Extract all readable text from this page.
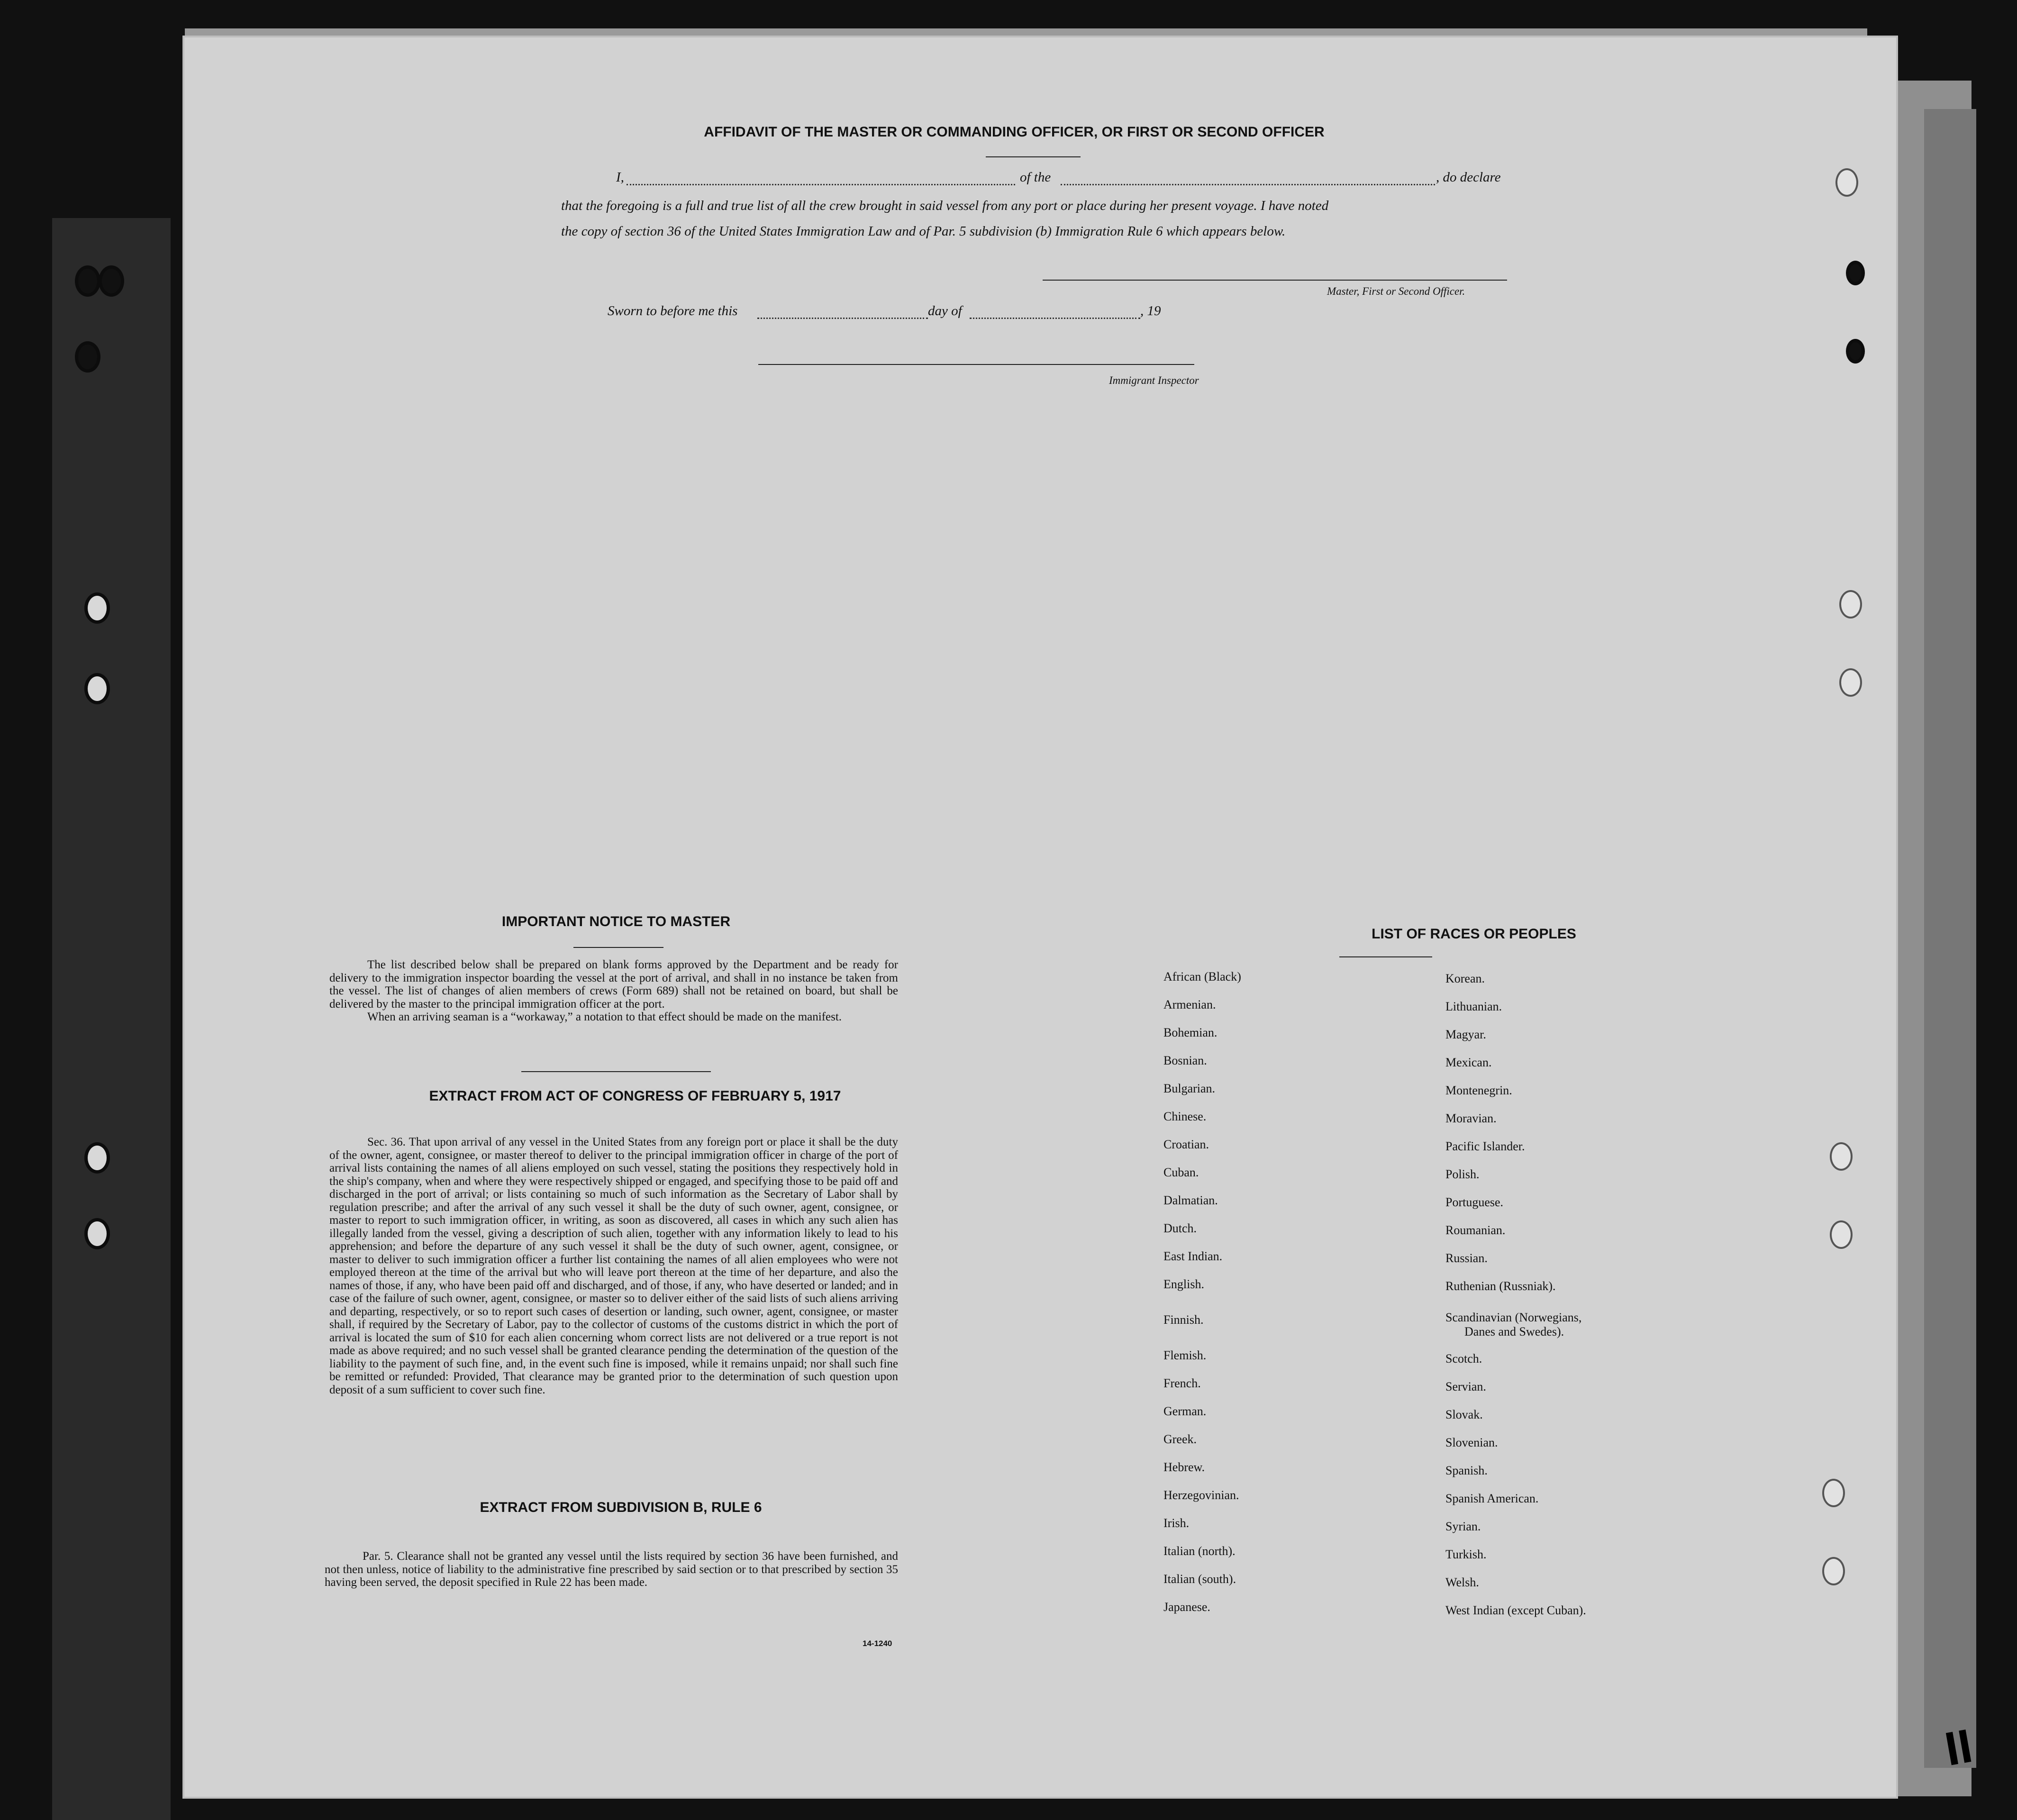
AFFIDAVIT OF THE MASTER OR COMMANDING OFFICER, OR FIRST OR SECOND OFFICER
I,	of the	, do declare
that the foregoing is a full and true list of all the crew brought in said vessel from any port or place during her present voyage. I have noted
the copy of section 36 of the United States Immigration Law and of Par. 5 subdivision (b) Immigration Rule 6 which appears below.
Master, First or Second Officer.
Sworn to before me this	day of	, 19
Immigrant Inspector
IMPORTANT NOTICE TO MASTER

The list described below shall be prepared on blank forms approved by the Department and be ready for delivery to the immigration inspector boarding the vessel at the port of arrival, and shall in no instance be taken from the vessel. The list of changes of alien members of crews (Form 689) shall not be retained on board, but shall be delivered by the master to the principal immigration officer at the port.

When an arriving seaman is a “workaway,” a notation to that effect should be made on the manifest.

EXTRACT FROM ACT OF CONGRESS OF FEBRUARY 5, 1917

Sec. 36. That upon arrival of any vessel in the United States from any foreign port or place it shall be the duty of the owner, agent, consignee, or master thereof to deliver to the principal immigration officer in charge of the port of arrival lists containing the names of all aliens employed on such vessel, stating the positions they respectively hold in the ship's company, when and where they were respectively shipped or engaged, and specifying those to be paid off and discharged in the port of arrival; or lists containing so much of such information as the Secretary of Labor shall by regulation prescribe; and after the arrival of any such vessel it shall be the duty of such owner, agent, consignee, or master to report to such immigration officer, in writing, as soon as discovered, all cases in which any such alien has illegally landed from the vessel, giving a description of such alien, together with any information likely to lead to his apprehension; and before the departure of any such vessel it shall be the duty of such owner, agent, consignee, or master to deliver to such immigration officer a further list containing the names of all alien employees who were not employed thereon at the time of the arrival but who will leave port thereon at the time of her departure, and also the names of those, if any, who have been paid off and discharged, and of those, if any, who have deserted or landed; and in case of the failure of such owner, agent, consignee, or master so to deliver either of the said lists of such aliens arriving and departing, respectively, or so to report such cases of desertion or landing, such owner, agent, consignee, or master shall, if required by the Secretary of Labor, pay to the collector of customs of the customs district in which the port of arrival is located the sum of $10 for each alien concerning whom correct lists are not delivered or a true report is not made as above required; and no such vessel shall be granted clearance pending the determination of the question of the liability to the payment of such fine, and, in the event such fine is imposed, while it remains unpaid; nor shall such fine be remitted or refunded: Provided, That clearance may be granted prior to the determination of such question upon deposit of a sum sufficient to cover such fine.

EXTRACT FROM SUBDIVISION B, RULE 6

Par. 5. Clearance shall not be granted any vessel until the lists required by section 36 have been furnished, and not then unless, notice of liability to the administrative fine prescribed by said section or to that prescribed by section 35 having been served, the deposit specified in Rule 22 has been made.

14-1240
LIST OF RACES OR PEOPLES
African (Black)
Armenian.
Bohemian.
Bosnian.
Bulgarian.
Chinese.
Croatian.
Cuban.
Dalmatian.
Dutch.
East Indian.
English.
Finnish.
Flemish.
French.
German.
Greek.
Hebrew.
Herzegovinian.
Irish.
Italian (north).
Italian (south).
Japanese.
Korean.
Lithuanian.
Magyar.
Mexican.
Montenegrin.
Moravian.
Pacific Islander.
Polish.
Portuguese.
Roumanian.
Russian.
Ruthenian (Russniak).
Scandinavian (Norwegians,
Danes and Swedes).
Scotch.
Servian.
Slovak.
Slovenian.
Spanish.
Spanish American.
Syrian.
Turkish.
Welsh.
West Indian (except Cuban).
II
